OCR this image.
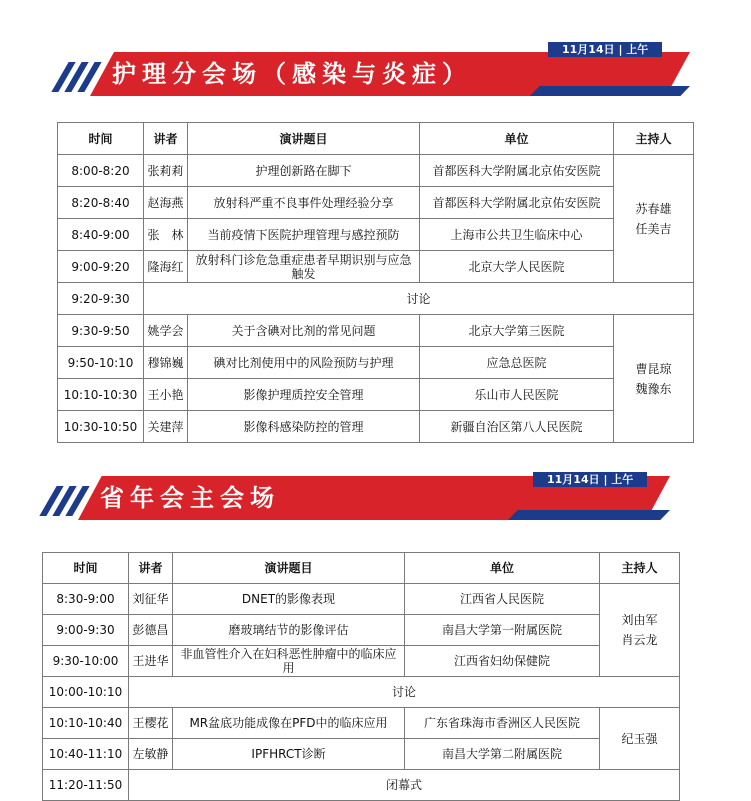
护理分会场（感染与炎症）
11月14日 | 上午
时间	讲者	演讲题目	单位	主持人
8:00-8:20	张莉莉	护理创新路在脚下	首都医科大学附属北京佑安医院	苏春雄
任美吉

8:20-8:40	赵海燕	放射科严重不良事件处理经验分享	首都医科大学附属北京佑安医院	
8:40-9:00	张　林	当前疫情下医院护理管理与感控预防	上海市公共卫生临床中心	
9:00-9:20	隆海红	放射科门诊危急重症患者早期识别与应急触发	北京大学人民医院	
9:20-9:30	讨论			
9:30-9:50	姚学会	关于含碘对比剂的常见问题	北京大学第三医院	曹昆琼
魏豫东

9:50-10:10	穆锦巍	碘对比剂使用中的风险预防与护理	应急总医院	
10:10-10:30	王小艳	影像护理质控安全管理	乐山市人民医院	
10:30-10:50	关建萍	影像科感染防控的管理	新疆自治区第八人民医院	
省年会主会场
11月14日 | 上午
时间	讲者	演讲题目	单位	主持人
8:30-9:00	刘征华	DNET的影像表现	江西省人民医院	刘由军
肖云龙

9:00-9:30	彭德昌	磨玻璃结节的影像评估	南昌大学第一附属医院	
9:30-10:00	王进华	非血管性介入在妇科恶性肿瘤中的临床应用	江西省妇幼保健院	
10:00-10:10	讨论			
10:10-10:40	王樱花	MR盆底功能成像在PFD中的临床应用	广东省珠海市香洲区人民医院	纪玉强

10:40-11:10	左敏静	IPFHRCT诊断	南昌大学第二附属医院	
11:20-11:50	闭幕式			
